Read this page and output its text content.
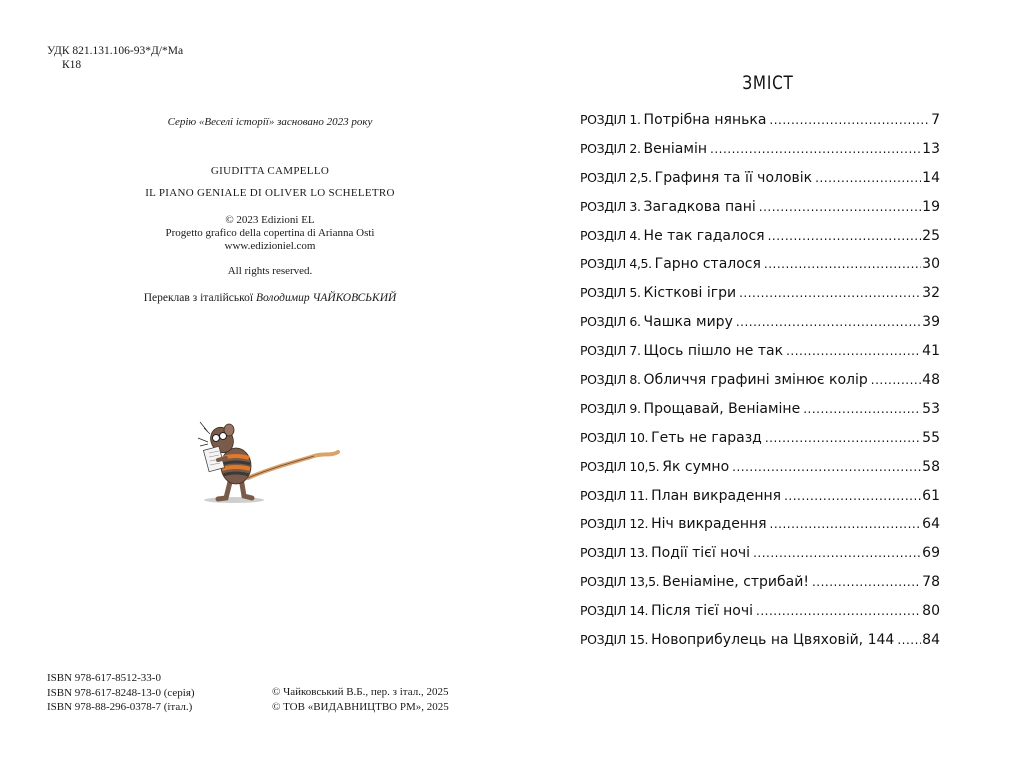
УДК 821.131.106-93*Д/*Ма
К18
Серію «Веселі історії» засновано 2023 року
GIUDITTA CAMPELLO
IL PIANO GENIALE DI OLIVER LO SCHELETRO
© 2023 Edizioni EL
Progetto grafico della copertina di Arianna Osti
www.edizioniel.com
All rights reserved.
Переклав з італійської Володимир ЧАЙКОВСЬКИЙ
ISBN 978-617-8512-33-0
ISBN 978-617-8248-13-0 (серія)
ISBN 978-88-296-0378-7 (італ.)
© Чайковський В.Б., пер. з італ., 2025
© ТОВ «ВИДАВНИЦТВО РМ», 2025
ЗМІСТ
РОЗДІЛ 1. Потрібна нянька .....	7
РОЗДІЛ 2. Веніамін .....	13
РОЗДІЛ 2,5. Графиня та її чоловік .....	14
РОЗДІЛ 3. Загадкова пані .....	19
РОЗДІЛ 4. Не так гадалося .....	25
РОЗДІЛ 4,5. Гарно сталося .....	30
РОЗДІЛ 5. Кісткові ігри .....	32
РОЗДІЛ 6. Чашка миру .....	39
РОЗДІЛ 7. Щось пішло не так .....	41
РОЗДІЛ 8. Обличчя графині змінює колір .....	48
РОЗДІЛ 9. Прощавай, Веніаміне .....	53
РОЗДІЛ 10. Геть не гаразд .....	55
РОЗДІЛ 10,5. Як сумно .....	58
РОЗДІЛ 11. План викрадення .....	61
РОЗДІЛ 12. Ніч викрадення .....	64
РОЗДІЛ 13. Події тієї ночі .....	69
РОЗДІЛ 13,5. Веніаміне, стрибай! .....	78
РОЗДІЛ 14. Після тієї ночі .....	80
РОЗДІЛ 15. Новоприбулець на Цвяховій, 144 ..... 84
